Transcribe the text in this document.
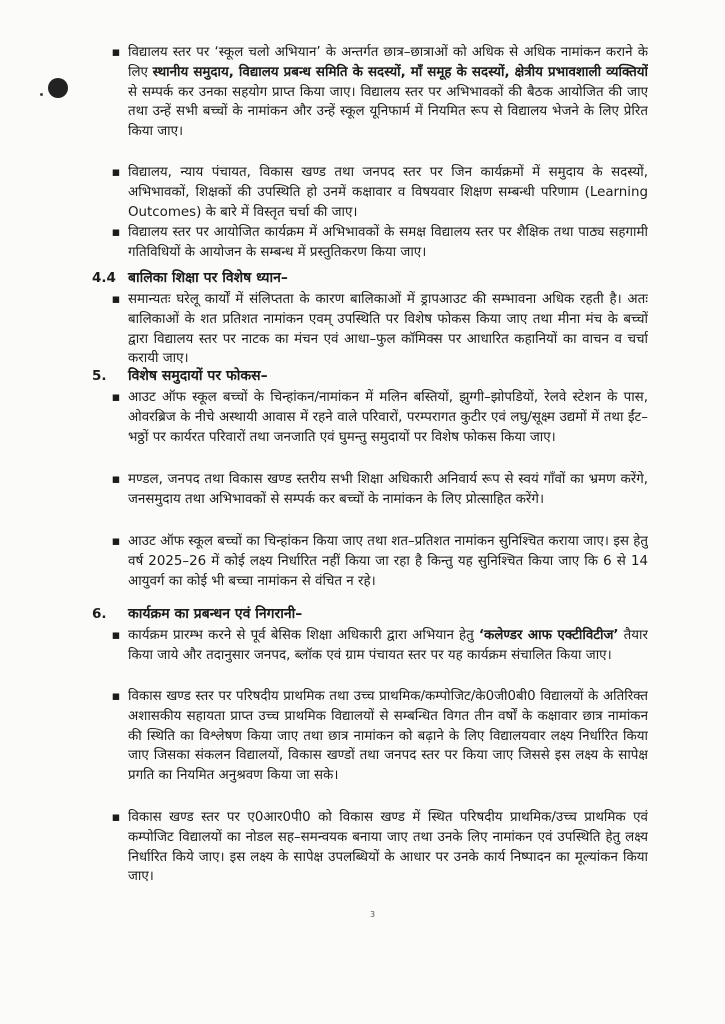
▪ विद्यालय स्तर पर ‘स्कूल चलो अभियान’ के अन्तर्गत छात्र–छात्राओं को अधिक से अधिक नामांकन कराने के लिए स्थानीय समुदाय, विद्यालय प्रबन्ध समिति के सदस्यों, माँ समूह के सदस्यों, क्षेत्रीय प्रभावशाली व्यक्तियों से सम्पर्क कर उनका सहयोग प्राप्त किया जाए। विद्यालय स्तर पर अभिभावकों की बैठक आयोजित की जाए तथा उन्हें सभी बच्चों के नामांकन और उन्हें स्कूल यूनिफार्म में नियमित रूप से विद्यालय भेजने के लिए प्रेरित किया जाए।
▪ विद्यालय, न्याय पंचायत, विकास खण्ड तथा जनपद स्तर पर जिन कार्यक्रमों में समुदाय के सदस्यों, अभिभावकों, शिक्षकों की उपस्थिति हो उनमें कक्षावार व विषयवार शिक्षण सम्बन्धी परिणाम (Learning Outcomes) के बारे में विस्तृत चर्चा की जाए।
▪ विद्यालय स्तर पर आयोजित कार्यक्रम में अभिभावकों के समक्ष विद्यालय स्तर पर शैक्षिक तथा पाठ्य सहगामी गतिविधियों के आयोजन के सम्बन्ध में प्रस्तुतिकरण किया जाए।
4.4 बालिका शिक्षा पर विशेष ध्यान–
▪ समान्यतः घरेलू कार्यों में संलिप्तता के कारण बालिकाओं में ड्रापआउट की सम्भावना अधिक रहती है। अतः बालिकाओं के शत प्रतिशत नामांकन एवम् उपस्थिति पर विशेष फोकस किया जाए तथा मीना मंच के बच्चों द्वारा विद्यालय स्तर पर नाटक का मंचन एवं आधा–फुल कॉमिक्स पर आधारित कहानियों का वाचन व चर्चा करायी जाए।
5. विशेष समुदायों पर फोकस–
▪ आउट ऑफ स्कूल बच्चों के चिन्हांकन/नामांकन में मलिन बस्तियों, झुग्गी–झोपडियों, रेलवे स्टेशन के पास, ओवरब्रिज के नीचे अस्थायी आवास में रहने वाले परिवारों, परम्परागत कुटीर एवं लघु/सूक्ष्म उद्यमों में तथा ईंट–भठ्ठों पर कार्यरत परिवारों तथा जनजाति एवं घुमन्तु समुदायों पर विशेष फोकस किया जाए।
▪ मण्डल, जनपद तथा विकास खण्ड स्तरीय सभी शिक्षा अधिकारी अनिवार्य रूप से स्वयं गाँवों का भ्रमण करेंगे, जनसमुदाय तथा अभिभावकों से सम्पर्क कर बच्चों के नामांकन के लिए प्रोत्साहित करेंगे।
▪ आउट ऑफ स्कूल बच्चों का चिन्हांकन किया जाए तथा शत–प्रतिशत नामांकन सुनिश्चित कराया जाए। इस हेतु वर्ष 2025–26 में कोई लक्ष्य निर्धारित नहीं किया जा रहा है किन्तु यह सुनिश्चित किया जाए कि 6 से 14 आयुवर्ग का कोई भी बच्चा नामांकन से वंचित न रहे।
6. कार्यक्रम का प्रबन्धन एवं निगरानी–
▪ कार्यक्रम प्रारम्भ करने से पूर्व बेसिक शिक्षा अधिकारी द्वारा अभियान हेतु ‘कलेण्डर आफ एक्टीविटीज’ तैयार किया जाये और तदानुसार जनपद, ब्लॉक एवं ग्राम पंचायत स्तर पर यह कार्यक्रम संचालित किया जाए।
▪ विकास खण्ड स्तर पर परिषदीय प्राथमिक तथा उच्च प्राथमिक/कम्पोजिट/के0जी0बी0 विद्यालयों के अतिरिक्त अशासकीय सहायता प्राप्त उच्च प्राथमिक विद्यालयों से सम्बन्धित विगत तीन वर्षों के कक्षावार छात्र नामांकन की स्थिति का विश्लेषण किया जाए तथा छात्र नामांकन को बढ़ाने के लिए विद्यालयवार लक्ष्य निर्धारित किया जाए जिसका संकलन विद्यालयों, विकास खण्डों तथा जनपद स्तर पर किया जाए जिससे इस लक्ष्य के सापेक्ष प्रगति का नियमित अनुश्रवण किया जा सके।
▪ विकास खण्ड स्तर पर ए0आर0पी0 को विकास खण्ड में स्थित परिषदीय प्राथमिक/उच्च प्राथमिक एवं कम्पोजिट विद्यालयों का नोडल सह–समन्वयक बनाया जाए तथा उनके लिए नामांकन एवं उपस्थिति हेतु लक्ष्य निर्धारित किये जाए। इस लक्ष्य के सापेक्ष उपलब्धियों के आधार पर उनके कार्य निष्पादन का मूल्यांकन किया जाए।
3
